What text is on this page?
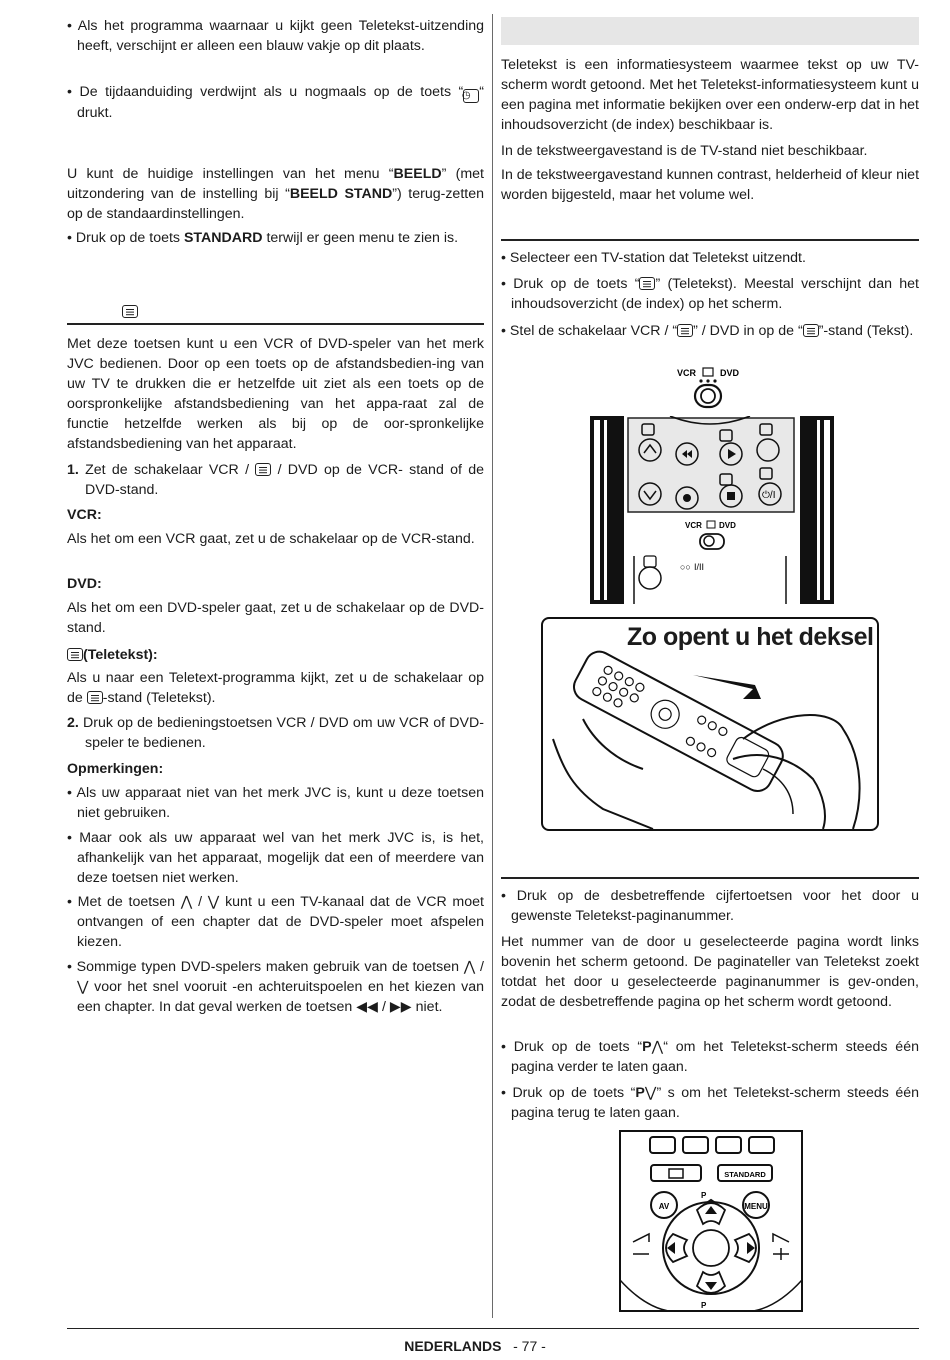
• Als het programma waarnaar u kijkt geen Teletekst-uitzending heeft, verschijnt er alleen een blauw vakje op dit plaats.

• De tijdaanduiding verdwijnt als u nogmaals op de toets “◷ “ drukt.

U kunt de huidige instellingen van het menu “BEELD” (met uitzondering van de instelling bij “BEELD STAND”) terug-zetten op de standaardinstellingen.

• Druk op de toets STANDARD terwijl er geen menu te zien is.

Met deze toetsen kunt u een VCR of DVD-speler van het merk JVC bedienen. Door op een toets op de afstandsbedien-ing van uw TV te drukken die er hetzelfde uit ziet als een toets op de oorspronkelijke afstandsbediening van het appa-raat zal de functie hetzelfde werken als bij op de oor-spronkelijke afstandsbediening van het apparaat.

1. Zet de schakelaar VCR /  / DVD op de VCR- stand of de DVD-stand.

VCR:

Als het om een VCR gaat, zet u de schakelaar op de VCR-stand.

DVD:

Als het om een DVD-speler gaat, zet u de schakelaar op de DVD-stand.

(Teletekst):

Als u naar een Teletext-programma kijkt, zet u de schakelaar op de -stand (Teletekst).

2. Druk op de bedieningstoetsen VCR / DVD om uw VCR of DVD-speler te bedienen.

Opmerkingen:

• Als uw apparaat niet van het merk JVC is, kunt u deze toetsen niet gebruiken.

• Maar ook als uw apparaat wel van het merk JVC is, is het, afhankelijk van het apparaat, mogelijk dat een of meerdere van deze toetsen niet werken.

• Met de toetsen ⋀ / ⋁ kunt u een TV-kanaal dat de VCR moet ontvangen of een chapter dat de DVD-speler moet afspelen kiezen.

• Sommige typen DVD-spelers maken gebruik van de toetsen ⋀ / ⋁ voor het snel vooruit -en achteruitspoelen en het kiezen van een chapter. In dat geval werken de toetsen ◀◀ / ▶▶ niet.

Teletekst is een informatiesysteem waarmee tekst op uw TV-scherm wordt getoond. Met het Teletekst-informatiesysteem kunt u een pagina met informatie bekijken over een onderw-erp dat in het inhoudsoverzicht (de index) beschikbaar is.

In de tekstweergavestand is de TV-stand niet beschikbaar.

In de tekstweergavestand kunnen contrast, helderheid of kleur niet worden bijgesteld, maar het volume wel.

• Selecteer een TV-station dat Teletekst uitzendt.

• Druk op de toets “ ” (Teletekst). Meestal verschijnt dan het inhoudsoverzicht (de index) op het scherm.

• Stel de schakelaar VCR / “ ” / DVD in op de “ ”-stand (Tekst).

VCR	DVD
⏻/I
VCR DVD
○○ I/II
Zo opent u het deksel

• Druk op de desbetreffende cijfertoetsen voor het door u gewenste Teletekst-paginanummer.

Het nummer van de door u geselecteerde pagina wordt links bovenin het scherm getoond. De paginateller van Teletekst zoekt totdat het door u geselecteerde paginanummer is gev-onden, zodat de desbetreffende pagina op het scherm wordt getoond.

• Druk op de toets “P⋀“ om het Teletekst-scherm steeds één pagina verder te laten gaan.

• Druk op de toets “P⋁” s om het Teletekst-scherm steeds één pagina terug te laten gaan.

STANDARD
AV	MENU
P
P
NEDERLANDS - 77 -
